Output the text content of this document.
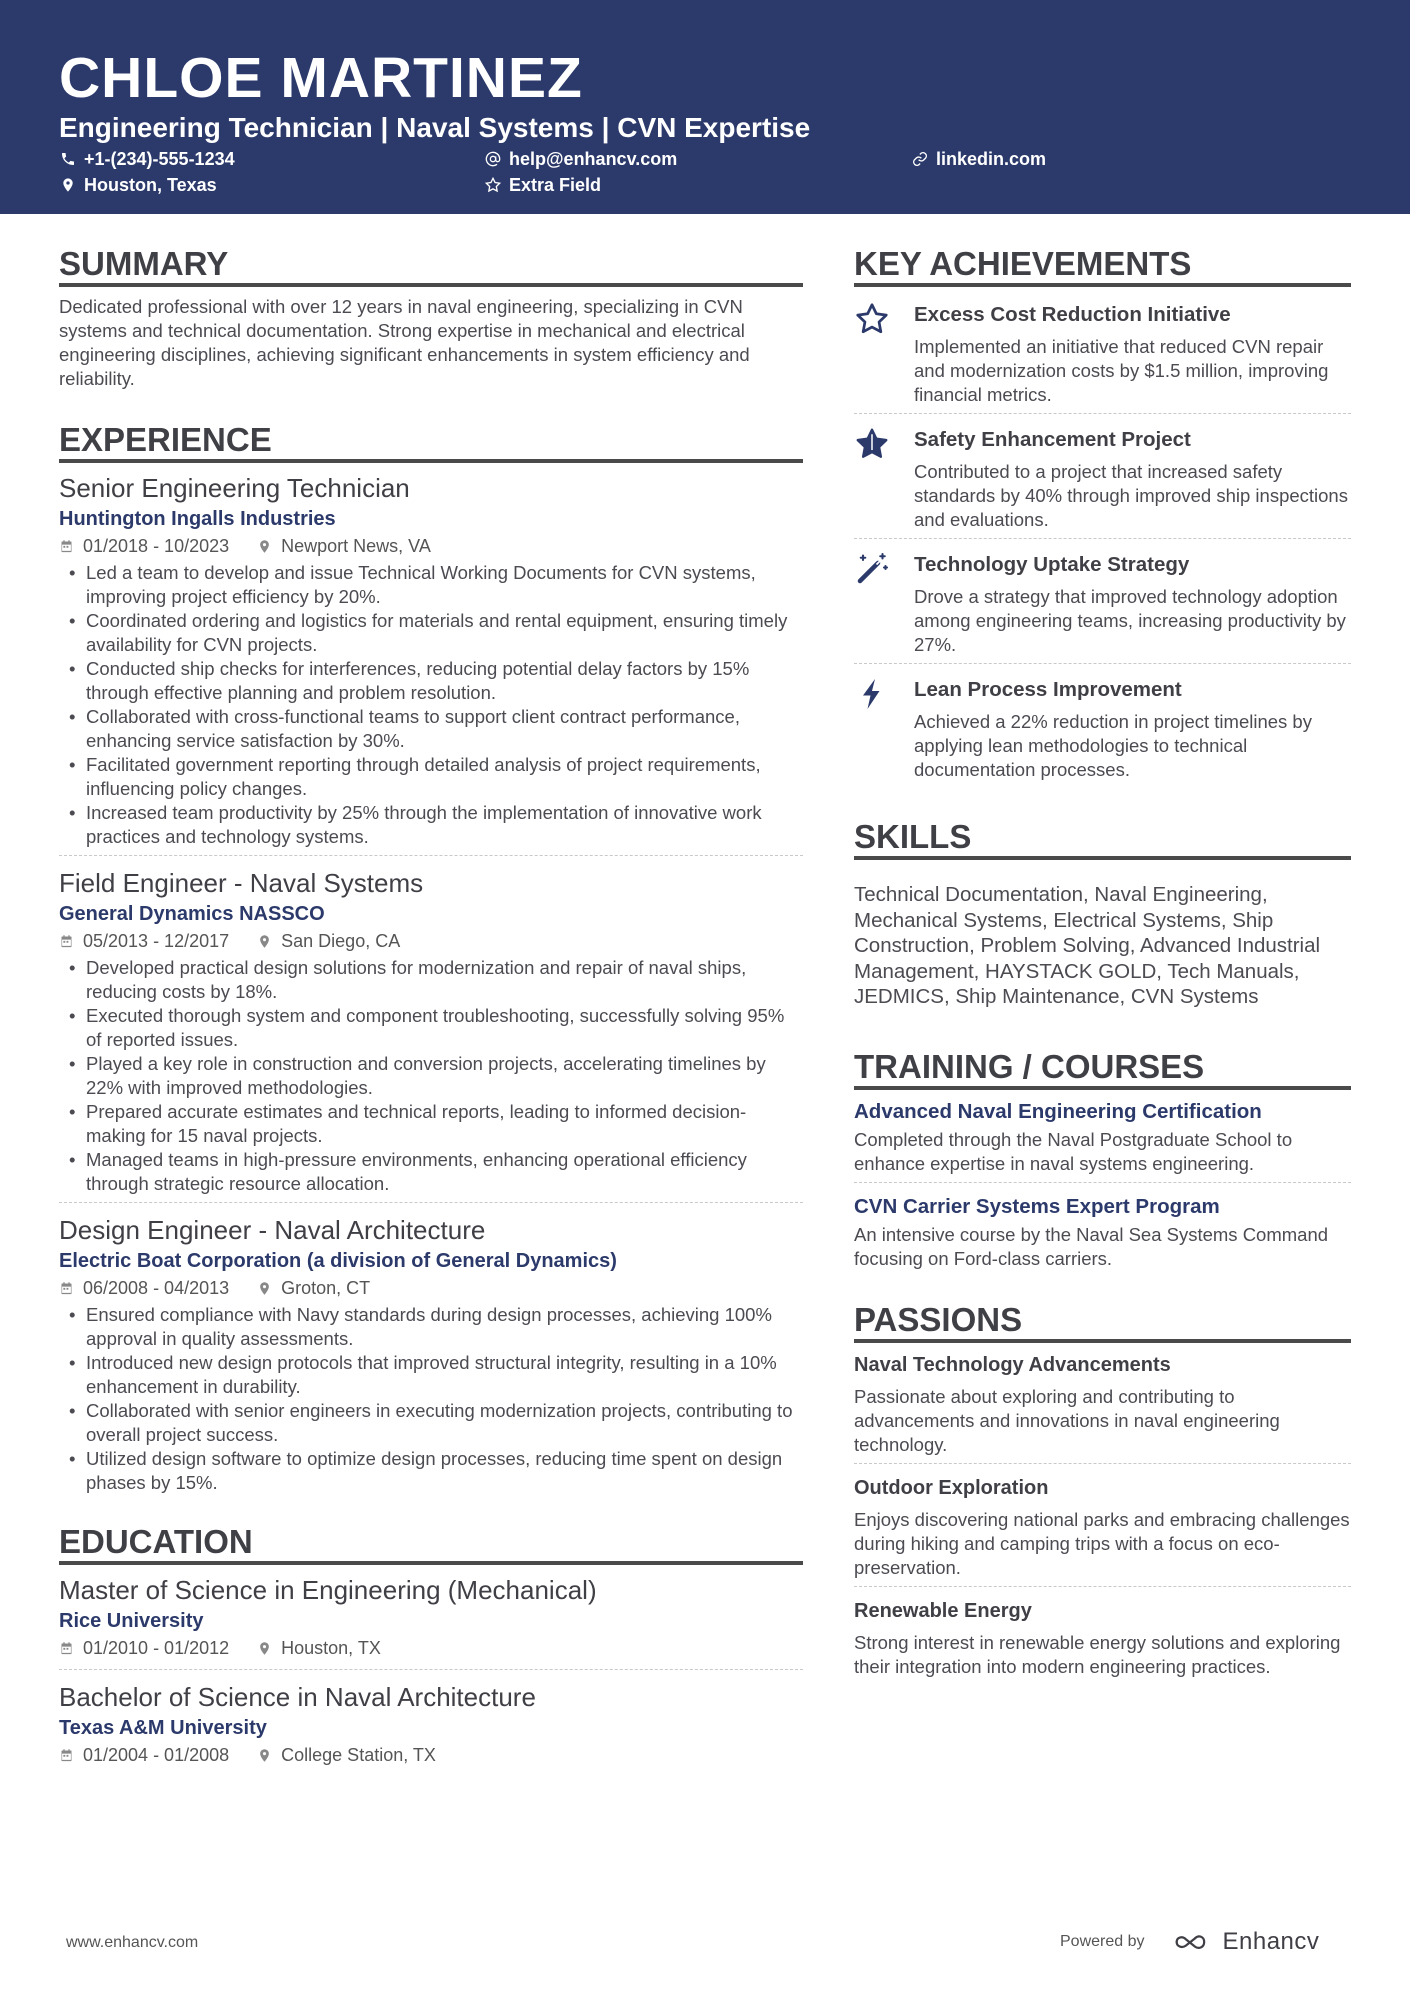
CHLOE MARTINEZ
Engineering Technician | Naval Systems | CVN Expertise
+1-(234)-555-1234	help@enhancv.com	linkedin.com
Houston, Texas	Extra Field
SUMMARY
Dedicated professional with over 12 years in naval engineering, specializing in CVN systems and technical documentation. Strong expertise in mechanical and electrical engineering disciplines, achieving significant enhancements in system efficiency and reliability.
EXPERIENCE
Senior Engineering Technician
Huntington Ingalls Industries
01/2018 - 10/2023	Newport News, VA
• Led a team to develop and issue Technical Working Documents for CVN systems, improving project efficiency by 20%.
• Coordinated ordering and logistics for materials and rental equipment, ensuring timely availability for CVN projects.
• Conducted ship checks for interferences, reducing potential delay factors by 15% through effective planning and problem resolution.
• Collaborated with cross-functional teams to support client contract performance, enhancing service satisfaction by 30%.
• Facilitated government reporting through detailed analysis of project requirements, influencing policy changes.
• Increased team productivity by 25% through the implementation of innovative work practices and technology systems.
Field Engineer - Naval Systems
General Dynamics NASSCO
05/2013 - 12/2017	San Diego, CA
• Developed practical design solutions for modernization and repair of naval ships, reducing costs by 18%.
• Executed thorough system and component troubleshooting, successfully solving 95% of reported issues.
• Played a key role in construction and conversion projects, accelerating timelines by 22% with improved methodologies.
• Prepared accurate estimates and technical reports, leading to informed decision-making for 15 naval projects.
• Managed teams in high-pressure environments, enhancing operational efficiency through strategic resource allocation.
Design Engineer - Naval Architecture
Electric Boat Corporation (a division of General Dynamics)
06/2008 - 04/2013	Groton, CT
• Ensured compliance with Navy standards during design processes, achieving 100% approval in quality assessments.
• Introduced new design protocols that improved structural integrity, resulting in a 10% enhancement in durability.
• Collaborated with senior engineers in executing modernization projects, contributing to overall project success.
• Utilized design software to optimize design processes, reducing time spent on design phases by 15%.
EDUCATION
Master of Science in Engineering (Mechanical)
Rice University
01/2010 - 01/2012	Houston, TX
Bachelor of Science in Naval Architecture
Texas A&M University
01/2004 - 01/2008	College Station, TX
KEY ACHIEVEMENTS
Excess Cost Reduction Initiative
Implemented an initiative that reduced CVN repair and modernization costs by $1.5 million, improving financial metrics.
Safety Enhancement Project
Contributed to a project that increased safety standards by 40% through improved ship inspections and evaluations.
Technology Uptake Strategy
Drove a strategy that improved technology adoption among engineering teams, increasing productivity by 27%.
Lean Process Improvement
Achieved a 22% reduction in project timelines by applying lean methodologies to technical documentation processes.
SKILLS
Technical Documentation, Naval Engineering, Mechanical Systems, Electrical Systems, Ship Construction, Problem Solving, Advanced Industrial Management, HAYSTACK GOLD, Tech Manuals, JEDMICS, Ship Maintenance, CVN Systems
TRAINING / COURSES
Advanced Naval Engineering Certification
Completed through the Naval Postgraduate School to enhance expertise in naval systems engineering.
CVN Carrier Systems Expert Program
An intensive course by the Naval Sea Systems Command focusing on Ford-class carriers.
PASSIONS
Naval Technology Advancements
Passionate about exploring and contributing to advancements and innovations in naval engineering technology.
Outdoor Exploration
Enjoys discovering national parks and embracing challenges during hiking and camping trips with a focus on eco-preservation.
Renewable Energy
Strong interest in renewable energy solutions and exploring their integration into modern engineering practices.
www.enhancv.com	Powered by	Enhancv
